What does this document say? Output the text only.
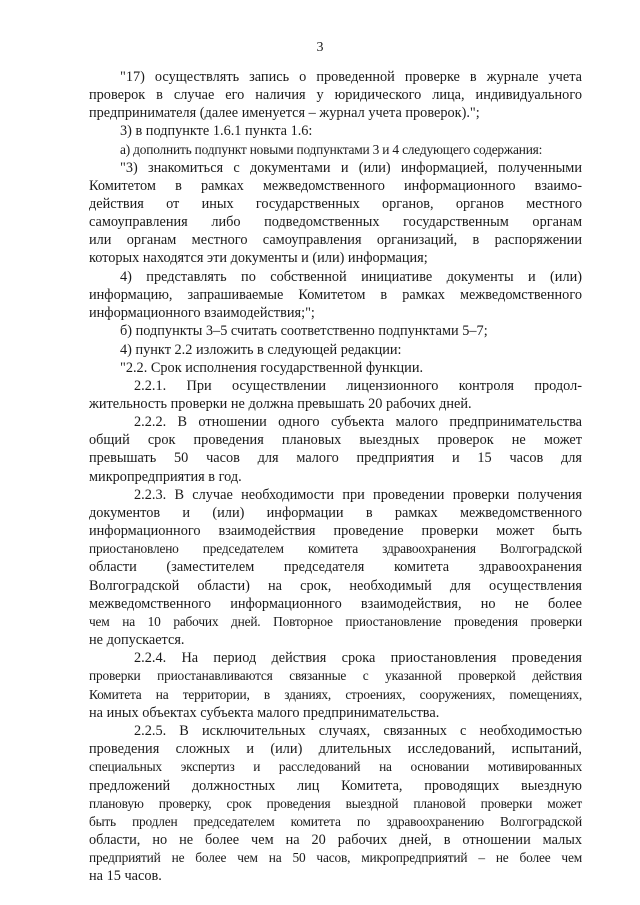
3

"17) осуществлять запись о проведенной проверке в журнале учета

проверок в случае его наличия у юридического лица, индивидуального

предпринимателя (далее именуется – журнал учета проверок).";

3) в подпункте 1.6.1 пункта 1.6:

а) дополнить подпункт новыми подпунктами 3 и 4 следующего содержания:

"3) знакомиться с документами и (или) информацией, полученными

Комитетом в рамках межведомственного информационного взаимо-

действия от иных государственных органов, органов местного

самоуправления либо подведомственных государственным органам

или органам местного самоуправления организаций, в распоряжении

которых находятся эти документы и (или) информация;

4) представлять по собственной инициативе документы и (или)

информацию, запрашиваемые Комитетом в рамках межведомственного

информационного взаимодействия;";

б) подпункты 3–5 считать соответственно подпунктами 5–7;

4) пункт 2.2 изложить в следующей редакции:

"2.2. Срок исполнения государственной функции.

2.2.1. При осуществлении лицензионного контроля продол-

жительность проверки не должна превышать 20 рабочих дней.

2.2.2. В отношении одного субъекта малого предпринимательства

общий срок проведения плановых выездных проверок не может

превышать 50 часов для малого предприятия и 15 часов для

микропредприятия в год.

2.2.3. В случае необходимости при проведении проверки получения

документов и (или) информации в рамках межведомственного

информационного взаимодействия проведение проверки может быть

приостановлено председателем комитета здравоохранения Волгоградской

области (заместителем председателя комитета здравоохранения

Волгоградской области) на срок, необходимый для осуществления

межведомственного информационного взаимодействия, но не более

чем на 10 рабочих дней. Повторное приостановление проведения проверки

не допускается.

2.2.4. На период действия срока приостановления проведения

проверки приостанавливаются связанные с указанной проверкой действия

Комитета на территории, в зданиях, строениях, сооружениях, помещениях,

на иных объектах субъекта малого предпринимательства.

2.2.5. В исключительных случаях, связанных с необходимостью

проведения сложных и (или) длительных исследований, испытаний,

специальных экспертиз и расследований на основании мотивированных

предложений должностных лиц Комитета, проводящих выездную

плановую проверку, срок проведения выездной плановой проверки может

быть продлен председателем комитета по здравоохранению Волгоградской

области, но не более чем на 20 рабочих дней, в отношении малых

предприятий не более чем на 50 часов, микропредприятий – не более чем

на 15 часов.
